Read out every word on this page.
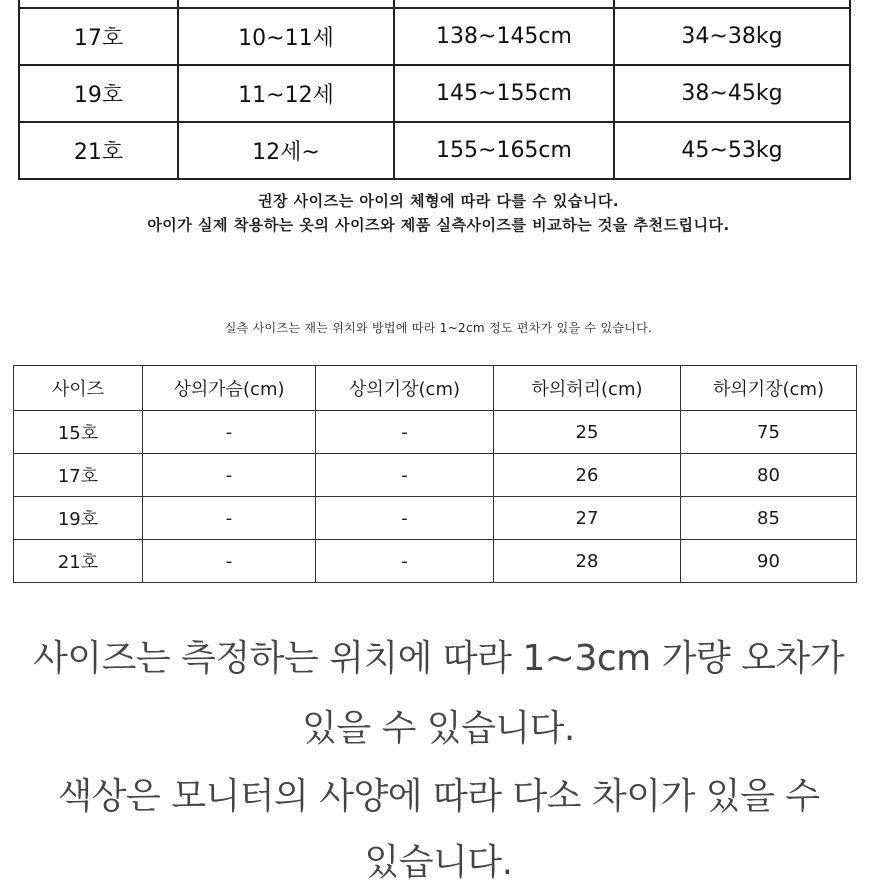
17호	10~11세	138~145cm	34~38kg
19호	11~12세	145~155cm	38~45kg
21호	12세~	155~165cm	45~53kg
권장 사이즈는 아이의 체형에 따라 다를 수 있습니다.
아이가 실제 착용하는 옷의 사이즈와 제품 실측사이즈를 비교하는 것을 추천드립니다.
실측 사이즈는 재는 위치와 방법에 따라 1~2cm 정도 편차가 있을 수 있습니다.
사이즈	상의가슴(cm)	상의기장(cm)	하의허리(cm)	하의기장(cm)
15호	-	-	25	75
17호	-	-	26	80
19호	-	-	27	85
21호	-	-	28	90
사이즈는 측정하는 위치에 따라 1~3cm 가량 오차가
있을 수 있습니다.
색상은 모니터의 사양에 따라 다소 차이가 있을 수
있습니다.
